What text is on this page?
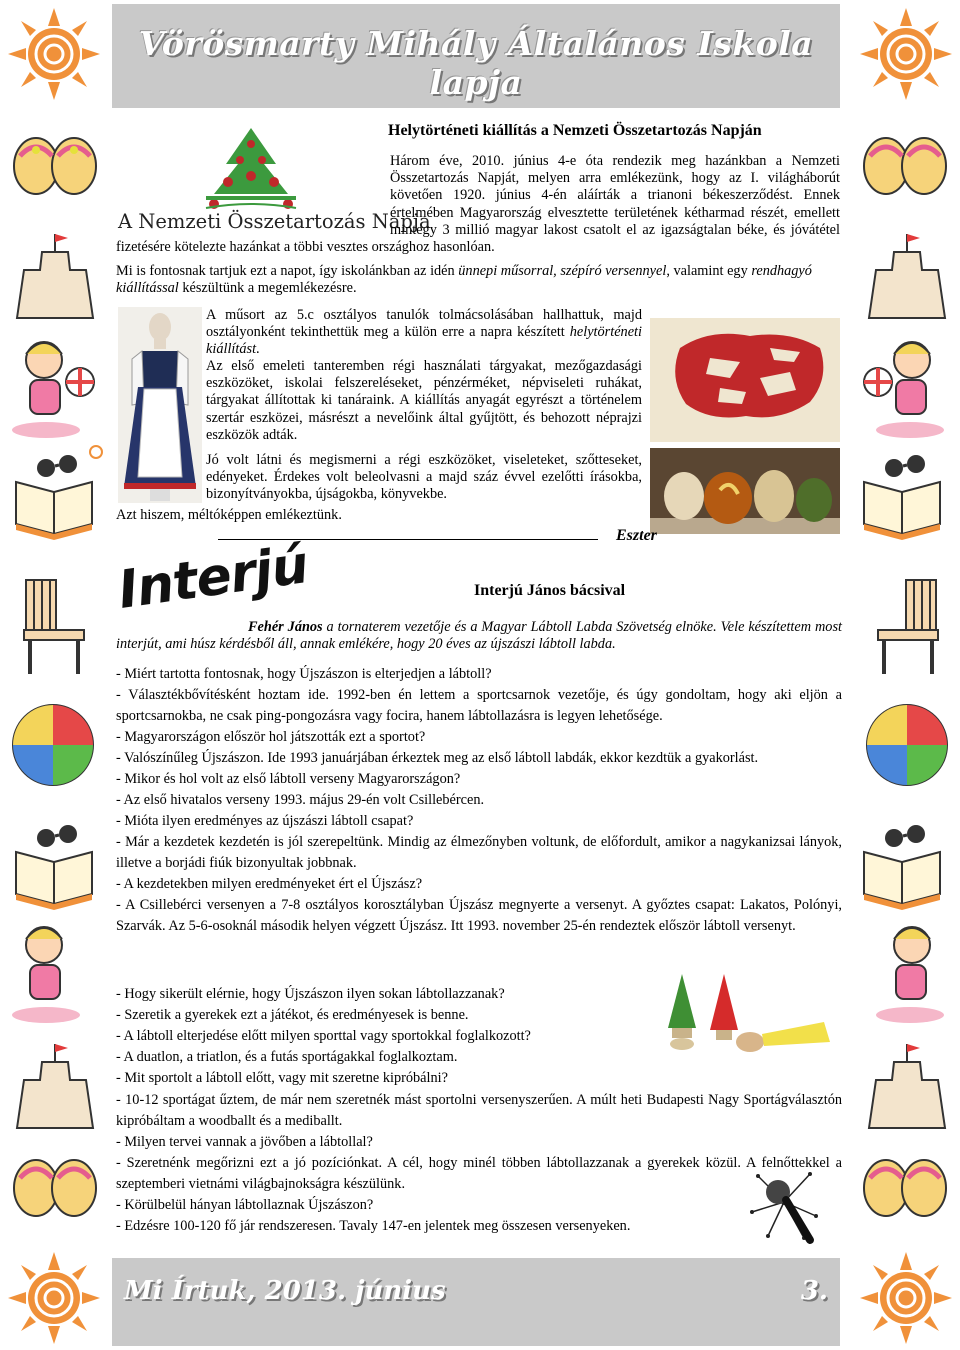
Vörösmarty Mihály Általános Iskola lapja
Helytörténeti kiállítás a Nemzeti Összetartozás Napján
A Nemzeti Összetartozás Napja
Három éve, 2010. június 4-e óta rendezik meg hazánkban a Nemzeti Összetartozás Napját, melyen arra emlékezünk, hogy az I. világháborút követően 1920. június 4-én aláírták a trianoni békeszerződést. Ennek értelmében Magyarország elvesztette területének kétharmad részét, emellett mintegy 3 millió magyar lakost csatolt el az igazságtalan béke, és jóvátétel fizetésére kötelezte hazánkat a többi vesztes országhoz hasonlóan.
Mi is fontosnak tartjuk ezt a napot, így iskolánkban az idén ünnepi műsorral, szépíró versennyel, valamint egy rendhagyó kiállítással készültünk a megemlékezésre.
A műsort az 5.c osztályos tanulók tolmácsolásában hallhattuk, majd osztályonként tekinthettük meg a külön erre a napra készített helytörténeti kiállítást.
Az első emeleti tanteremben régi használati tárgyakat, mezőgazdasági eszközöket, iskolai felszereléseket, pénzérméket, népviseleti ruhákat, tárgyakat állítottak ki tanáraink. A kiállítás anyagát egyrészt a történelem szertár eszközei, másrészt a nevelőink által gyűjtött, és behozott néprajzi eszközök adták.
Jó volt látni és megismerni a régi eszközöket, viseleteket, szőtteseket, edényeket. Érdekes volt beleolvasni a majd száz évvel ezelőtti írásokba, bizonyítványokba, újságokba, könyvekbe.
Azt hiszem, méltóképpen emlékeztünk.
Eszter
Interjú	Interjú János bácsival
Fehér János a tornaterem vezetője és a Magyar Lábtoll Labda Szövetség elnöke. Vele készítettem most interjút, ami húsz kérdésből áll, annak emlékére, hogy 20 éves az újszászi lábtoll labda.
- Miért tartotta fontosnak, hogy Újszászon is elterjedjen a lábtoll?
- Választékbővítésként hoztam ide. 1992-ben én lettem a sportcsarnok vezetője, és úgy gondoltam, hogy aki eljön a sportcsarnokba, ne csak ping-pongozásra vagy focira, hanem lábtollazásra is legyen lehetősége.
- Magyarországon először hol játszották ezt a sportot?
- Valószínűleg Újszászon. Ide 1993 januárjában érkeztek meg az első lábtoll labdák, ekkor kezdtük a gyakorlást.
- Mikor és hol volt az első lábtoll verseny Magyarországon?
- Az első hivatalos verseny 1993. május 29-én volt Csillebércen.
- Mióta ilyen eredményes az újszászi lábtoll csapat?
- Már a kezdetek kezdetén is jól szerepeltünk. Mindig az élmezőnyben voltunk, de előfordult, amikor a nagykanizsai lányok, illetve a borjádi fiúk bizonyultak jobbnak.
- A kezdetekben milyen eredményeket ért el Újszász?
- A Csillebérci versenyen a 7-8 osztályos korosztályban Újszász megnyerte a versenyt. A győztes csapat: Lakatos, Polónyi, Szarvák. Az 5-6-osoknál második helyen végzett Újszász. Itt 1993. november 25-én rendeztek először lábtoll versenyt.
- Hogy sikerült elérnie, hogy Újszászon ilyen sokan lábtollazzanak?
- Szeretik a gyerekek ezt a játékot, és eredményesek is benne.
- A lábtoll elterjedése előtt milyen sporttal vagy sportokkal foglalkozott?
- A duatlon, a triatlon, és a futás sportágakkal foglalkoztam.
- Mit sportolt a lábtoll előtt, vagy mit szeretne kipróbálni?
- 10-12 sportágat űztem, de már nem szeretnék mást sportolni versenyszerűen. A múlt heti Budapesti Nagy Sportágválasztón kipróbáltam a woodballt és a mediballt.
- Milyen tervei vannak a jövőben a lábtollal?
- Szeretnénk megőrizni ezt a jó pozíciónkat. A cél, hogy minél többen lábtollazzanak a gyerekek közül. A felnőttekkel a szeptemberi vietnámi világbajnokságra készülünk.
- Körülbelül hányan lábtollaznak Újszászon?
- Edzésre 100-120 fő jár rendszeresen. Tavaly 147-en jelentek meg összesen versenyeken.
Mi Írtuk, 2013. június	3.
